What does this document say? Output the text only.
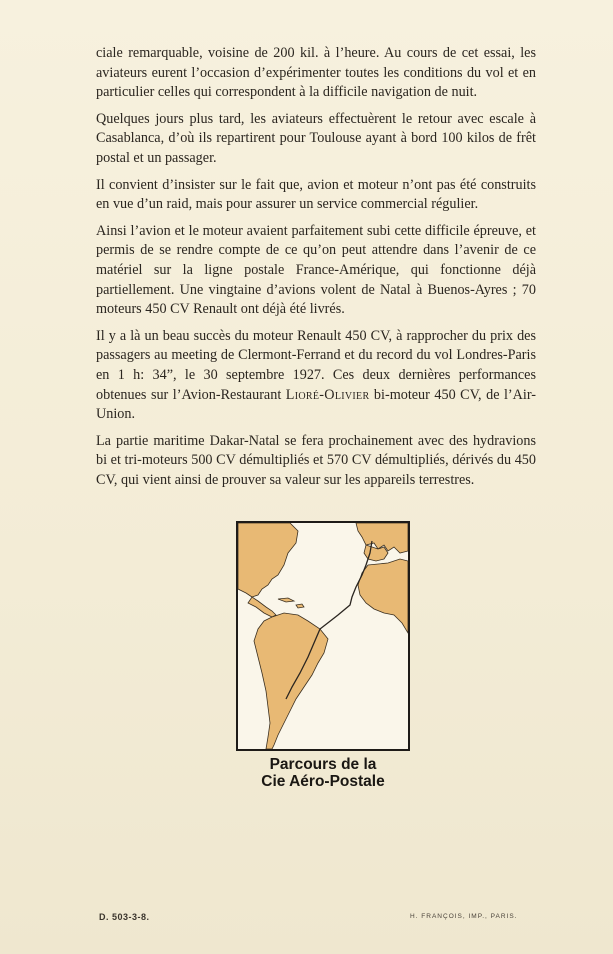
ciale remarquable, voisine de 200 kil. à l’heure. Au cours de cet essai, les aviateurs eurent l’occasion d’expérimenter toutes les conditions du vol et en particulier celles qui correspondent à la difficile navigation de nuit.

Quelques jours plus tard, les aviateurs effectuèrent le retour avec escale à Casablanca, d’où ils repartirent pour Toulouse ayant à bord 100 kilos de frêt postal et un passager.

Il convient d’insister sur le fait que, avion et moteur n’ont pas été construits en vue d’un raid, mais pour assurer un service commercial régulier.

Ainsi l’avion et le moteur avaient parfaitement subi cette difficile épreuve, et permis de se rendre compte de ce qu’on peut attendre dans l’avenir de ce matériel sur la ligne postale France-Amérique, qui fonctionne déjà partiellement. Une vingtaine d’avions volent de Natal à Buenos-Ayres ; 70 moteurs 450 CV Renault ont déjà été livrés.

Il y a là un beau succès du moteur Renault 450 CV, à rapprocher du prix des passagers au meeting de Clermont-Ferrand et du record du vol Londres-Paris en 1 h: 34”, le 30 septembre 1927. Ces deux dernières performances obtenues sur l’Avion-Restaurant Lioré-Olivier bi-moteur 450 CV, de l’Air-Union.

La partie maritime Dakar-Natal se fera prochainement avec des hydravions bi et tri-moteurs 500 CV démultipliés et 570 CV démultipliés, dérivés du 450 CV, qui vient ainsi de prouver sa valeur sur les appareils terrestres.

Parcours de la
Cie Aéro-Postale
D. 503-3-8.	H. FRANÇOIS, IMP., PARIS.
